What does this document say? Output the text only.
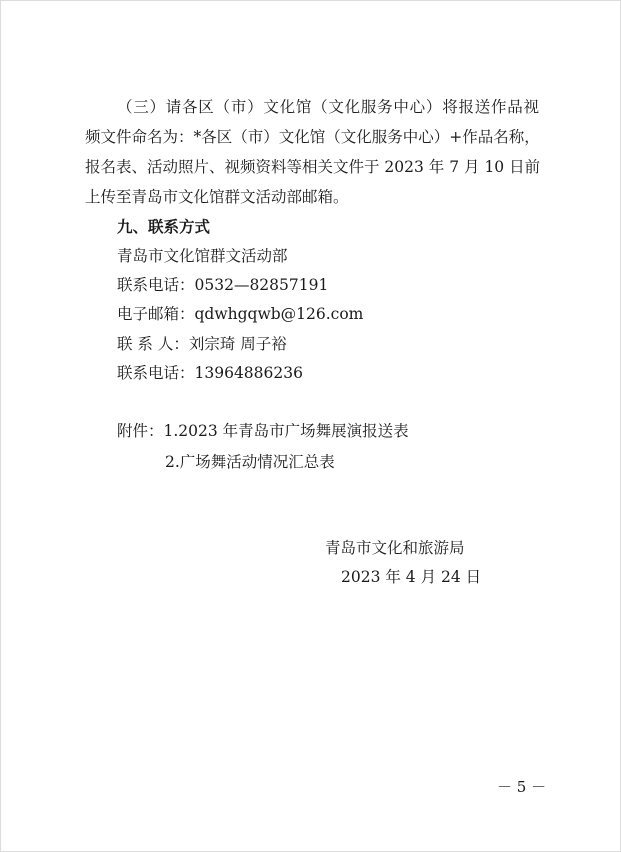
（三）请各区（市）文化馆（文化服务中心）将报送作品视
频文件命名为：*各区（市）文化馆（文化服务中心）+作品名称，
报名表、活动照片、视频资料等相关文件于 2023 年 7 月 10 日前
上传至青岛市文化馆群文活动部邮箱。
九、联系方式
青岛市文化馆群文活动部
联系电话：0532—82857191
电子邮箱：qdwhgqwb@126.com
联 系 人：刘宗琦 周子裕
联系电话：13964886236
附件：1.2023 年青岛市广场舞展演报送表
2.广场舞活动情况汇总表
青岛市文化和旅游局
2023 年 4 月 24 日
－ 5 －
